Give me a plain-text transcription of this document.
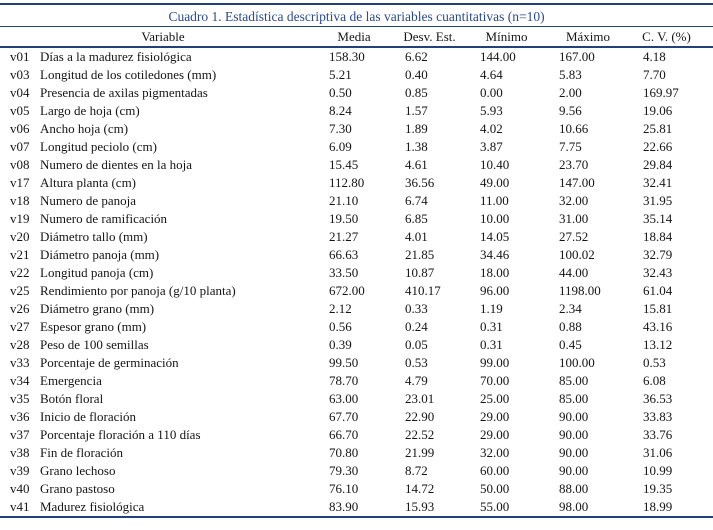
Cuadro 1. Estadística descriptiva de las variables cuantitativas (n=10)
Variable		Media	Desv. Est.	Mínimo	Máximo	C. V. (%)
v01	Días a la madurez fisiológica	158.30	6.62	144.00	167.00	4.18
v03	Longitud de los cotiledones (mm)	5.21	0.40	4.64	5.83	7.70
v04	Presencia de axilas pigmentadas	0.50	0.85	0.00	2.00	169.97
v05	Largo de hoja (cm)	8.24	1.57	5.93	9.56	19.06
v06	Ancho hoja (cm)	7.30	1.89	4.02	10.66	25.81
v07	Longitud peciolo (cm)	6.09	1.38	3.87	7.75	22.66
v08	Numero de dientes en la hoja	15.45	4.61	10.40	23.70	29.84
v17	Altura planta (cm)	112.80	36.56	49.00	147.00	32.41
v18	Numero de panoja	21.10	6.74	11.00	32.00	31.95
v19	Numero de ramificación	19.50	6.85	10.00	31.00	35.14
v20	Diámetro tallo (mm)	21.27	4.01	14.05	27.52	18.84
v21	Diámetro panoja (mm)	66.63	21.85	34.46	100.02	32.79
v22	Longitud panoja (cm)	33.50	10.87	18.00	44.00	32.43
v25	Rendimiento por panoja (g/10 planta)	672.00	410.17	96.00	1198.00	61.04
v26	Diámetro grano (mm)	2.12	0.33	1.19	2.34	15.81
v27	Espesor grano (mm)	0.56	0.24	0.31	0.88	43.16
v28	Peso de 100 semillas	0.39	0.05	0.31	0.45	13.12
v33	Porcentaje de germinación	99.50	0.53	99.00	100.00	0.53
v34	Emergencia	78.70	4.79	70.00	85.00	6.08
v35	Botón floral	63.00	23.01	25.00	85.00	36.53
v36	Inicio de floración	67.70	22.90	29.00	90.00	33.83
v37	Porcentaje floración a 110 días	66.70	22.52	29.00	90.00	33.76
v38	Fin de floración	70.80	21.99	32.00	90.00	31.06
v39	Grano lechoso	79.30	8.72	60.00	90.00	10.99
v40	Grano pastoso	76.10	14.72	50.00	88.00	19.35
v41	Madurez fisiológica	83.90	15.93	55.00	98.00	18.99
